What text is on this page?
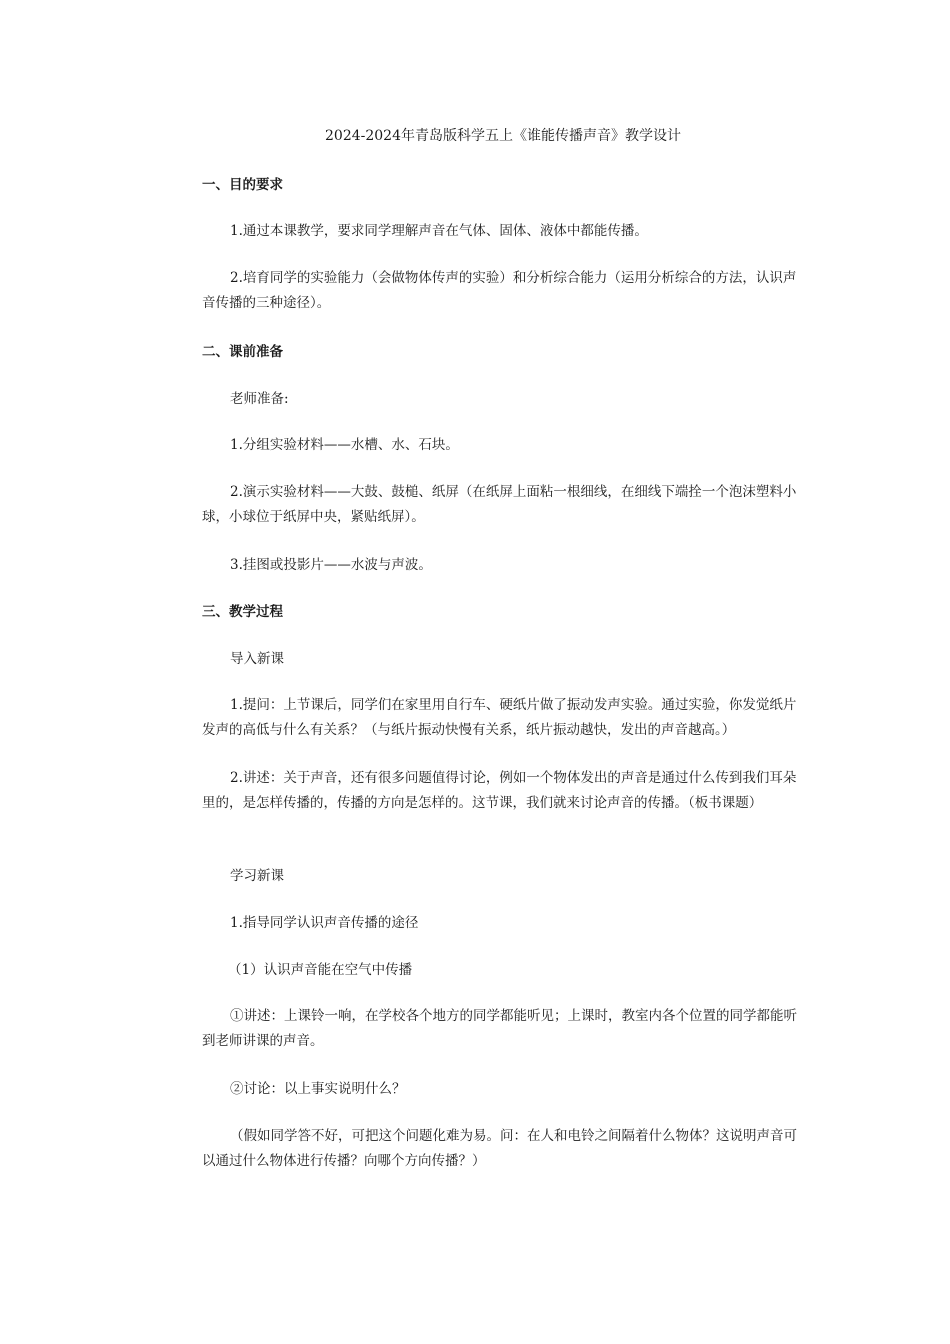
2024-2024年青岛版科学五上《谁能传播声音》教学设计

一、目的要求

1.通过本课教学，要求同学理解声音在气体、固体、液体中都能传播。

2.培育同学的实验能力（会做物体传声的实验）和分析综合能力（运用分析综合的方法，认识声音传播的三种途径）。

二、课前准备

老师准备:

1.分组实验材料——水槽、水、石块。

2.演示实验材料——大鼓、鼓槌、纸屏（在纸屏上面粘一根细线，在细线下端拴一个泡沫塑料小球，小球位于纸屏中央，紧贴纸屏）。

3.挂图或投影片——水波与声波。

三、教学过程

导入新课

1.提问：上节课后，同学们在家里用自行车、硬纸片做了振动发声实验。通过实验，你发觉纸片发声的高低与什么有关系？（与纸片振动快慢有关系，纸片振动越快，发出的声音越高。）

2.讲述：关于声音，还有很多问题值得讨论，例如一个物体发出的声音是通过什么传到我们耳朵里的，是怎样传播的，传播的方向是怎样的。这节课，我们就来讨论声音的传播。（板书课题）

学习新课

1.指导同学认识声音传播的途径

（1）认识声音能在空气中传播

①讲述：上课铃一响，在学校各个地方的同学都能听见；上课时，教室内各个位置的同学都能听到老师讲课的声音。

②讨论：以上事实说明什么？

（假如同学答不好，可把这个问题化难为易。问：在人和电铃之间隔着什么物体？这说明声音可以通过什么物体进行传播？向哪个方向传播？）
